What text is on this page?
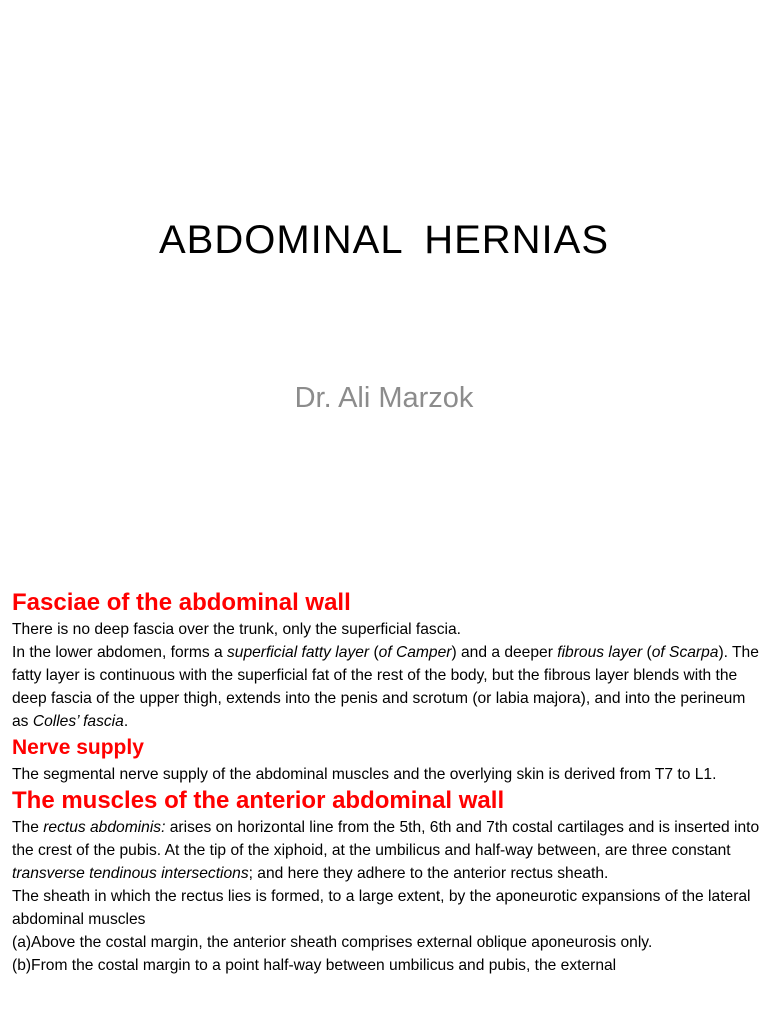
ABDOMINAL HERNIAS
Dr. Ali Marzok
Fasciae of the abdominal wall

There is no deep fascia over the trunk, only the superficial fascia.

In the lower abdomen, forms a superficial fatty layer (of Camper) and a deeper fibrous layer (of Scarpa). The fatty layer is continuous with the superficial fat of the rest of the body, but the fibrous layer blends with the deep fascia of the upper thigh, extends into the penis and scrotum (or labia majora), and into the perineum as Colles’ fascia.

Nerve supply

The segmental nerve supply of the abdominal muscles and the overlying skin is derived from T7 to L1.

The muscles of the anterior abdominal wall

The rectus abdominis: arises on horizontal line from the 5th, 6th and 7th costal cartilages and is inserted into the crest of the pubis. At the tip of the xiphoid, at the umbilicus and half-way between, are three constant transverse tendinous intersections; and here they adhere to the anterior rectus sheath.

The sheath in which the rectus lies is formed, to a large extent, by the aponeurotic expansions of the lateral abdominal muscles

(a)Above the costal margin, the anterior sheath comprises external oblique aponeurosis only.

(b)From the costal margin to a point half-way between umbilicus and pubis, the external
